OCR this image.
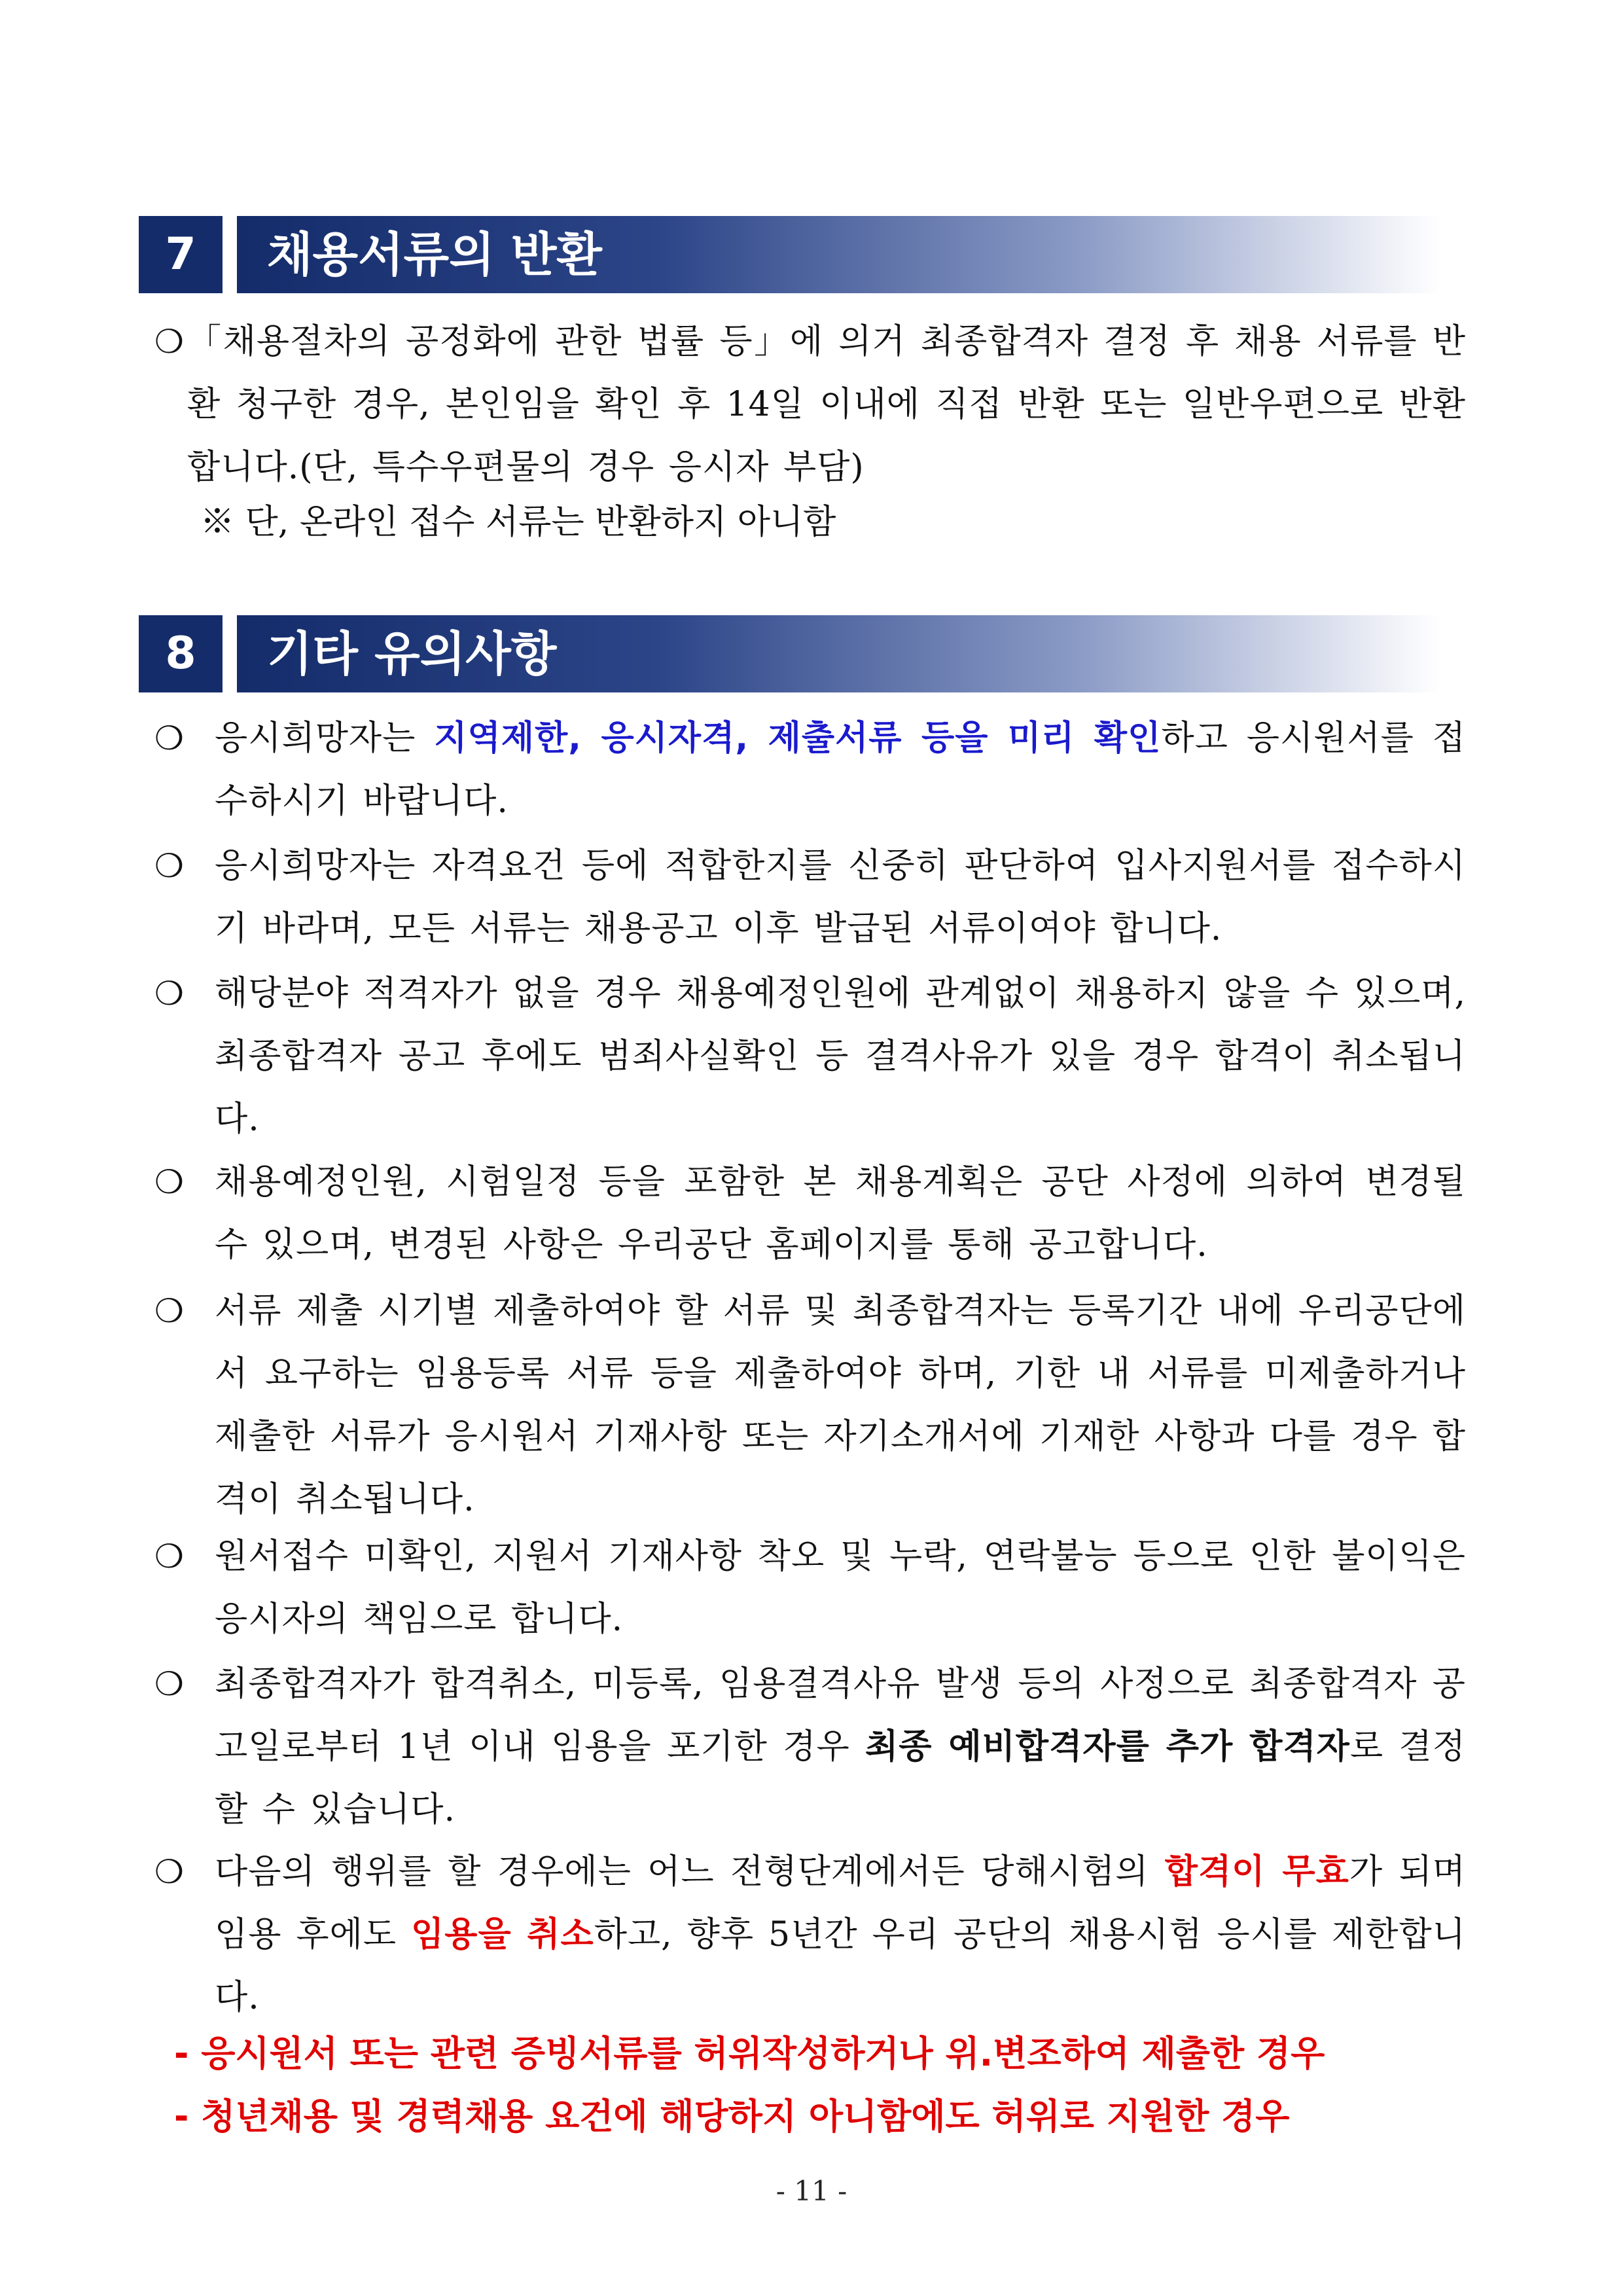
7	채용서류의 반환
❍ 「채용절차의 공정화에 관한 법률 등」에 의거 최종합격자 결정 후 채용 서류를 반환 청구한 경우, 본인임을 확인 후 14일 이내에 직접 반환 또는 일반우편으로 반환합니다.(단, 특수우편물의 경우 응시자 부담)
※ 단, 온라인 접수 서류는 반환하지 아니함
8	기타 유의사항
❍ 응시희망자는 지역제한, 응시자격, 제출서류 등을 미리 확인하고 응시원서를 접수하시기 바랍니다.
❍ 응시희망자는 자격요건 등에 적합한지를 신중히 판단하여 입사지원서를 접수하시기 바라며, 모든 서류는 채용공고 이후 발급된 서류이여야 합니다.
❍ 해당분야 적격자가 없을 경우 채용예정인원에 관계없이 채용하지 않을 수 있으며, 최종합격자 공고 후에도 범죄사실확인 등 결격사유가 있을 경우 합격이 취소됩니다.
❍ 채용예정인원, 시험일정 등을 포함한 본 채용계획은 공단 사정에 의하여 변경될 수 있으며, 변경된 사항은 우리공단 홈페이지를 통해 공고합니다.
❍ 서류 제출 시기별 제출하여야 할 서류 및 최종합격자는 등록기간 내에 우리공단에서 요구하는 임용등록 서류 등을 제출하여야 하며, 기한 내 서류를 미제출하거나 제출한 서류가 응시원서 기재사항 또는 자기소개서에 기재한 사항과 다를 경우 합격이 취소됩니다.
❍ 원서접수 미확인, 지원서 기재사항 착오 및 누락, 연락불능 등으로 인한 불이익은 응시자의 책임으로 합니다.
❍ 최종합격자가 합격취소, 미등록, 임용결격사유 발생 등의 사정으로 최종합격자 공고일로부터 1년 이내 임용을 포기한 경우 최종 예비합격자를 추가 합격자로 결정할 수 있습니다.
❍ 다음의 행위를 할 경우에는 어느 전형단계에서든 당해시험의 합격이 무효가 되며 임용 후에도 임용을 취소하고, 향후 5년간 우리 공단의 채용시험 응시를 제한합니다.
- 응시원서 또는 관련 증빙서류를 허위작성하거나 위.변조하여 제출한 경우
- 청년채용 및 경력채용 요건에 해당하지 아니함에도 허위로 지원한 경우
- 11 -
